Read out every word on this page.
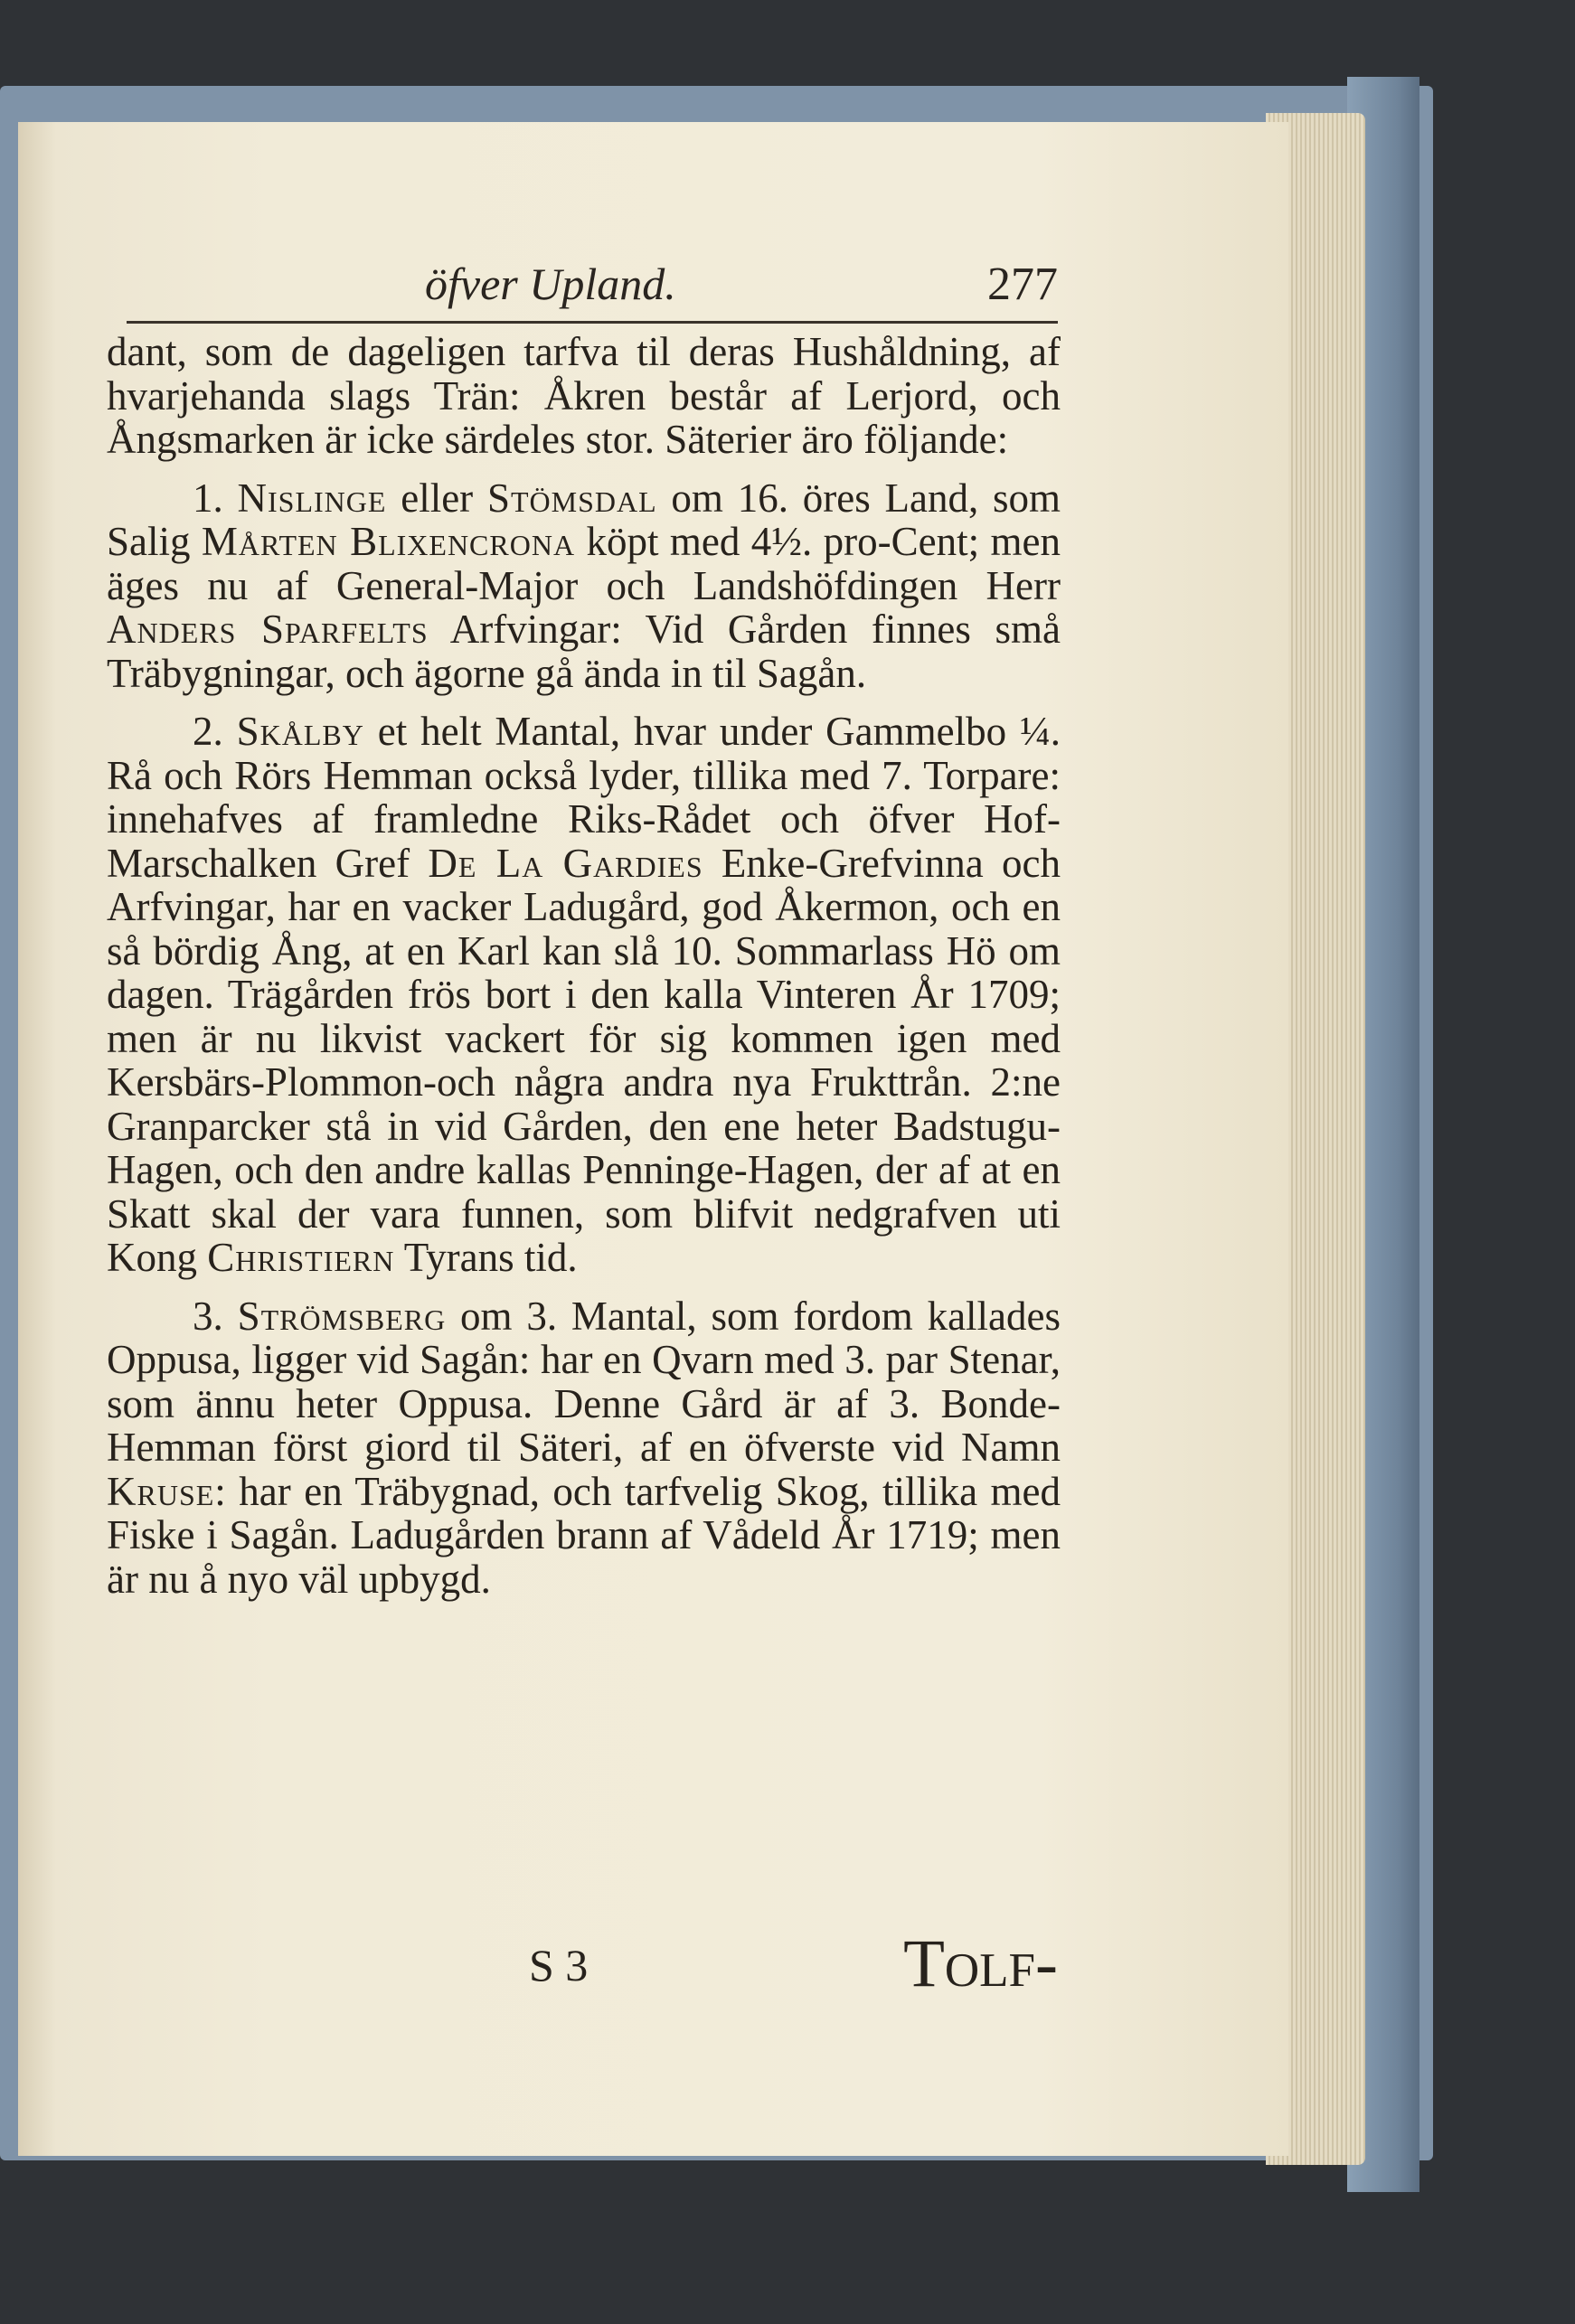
öfver Upland.	277

dant, som de dageligen tarfva til deras Hushåldning, af hvarjehanda slags Trän: Åkren består af Lerjord, och Ångsmarken är icke särdeles stor. Säterier äro följande:

1. Nislinge eller Stömsdal om 16. öres Land, som Salig Mårten Blixencrona köpt med 4½. pro-Cent; men äges nu af General-Major och Landshöfdingen Herr Anders Sparfelts Arfvingar: Vid Gården finnes små Träbygningar, och ägorne gå ända in til Sagån.

2. Skålby et helt Mantal, hvar under Gammelbo ¼. Rå och Rörs Hemman också lyder, tillika med 7. Torpare: innehafves af framledne Riks-Rådet och öfver Hof-Marschalken Gref De La Gardies Enke-Grefvinna och Arfvingar, har en vacker Ladugård, god Åkermon, och en så bördig Ång, at en Karl kan slå 10. Sommarlass Hö om dagen. Trägården frös bort i den kalla Vinteren År 1709; men är nu likvist vackert för sig kommen igen med Kersbärs-Plommon-och några andra nya Frukttrån. 2:ne Granparcker stå in vid Gården, den ene heter Badstugu-Hagen, och den andre kallas Penninge-Hagen, der af at en Skatt skal der vara funnen, som blifvit nedgrafven uti Kong Christiern Tyrans tid.

3. Strömsberg om 3. Mantal, som fordom kallades Oppusa, ligger vid Sagån: har en Qvarn med 3. par Stenar, som ännu heter Oppusa. Denne Gård är af 3. Bonde-Hemman först giord til Säteri, af en öfverste vid Namn Kruse: har en Träbygnad, och tarfvelig Skog, tillika med Fiske i Sagån. Ladugården brann af Vådeld År 1719; men är nu å nyo väl upbygd.

S 3	Tolf-
